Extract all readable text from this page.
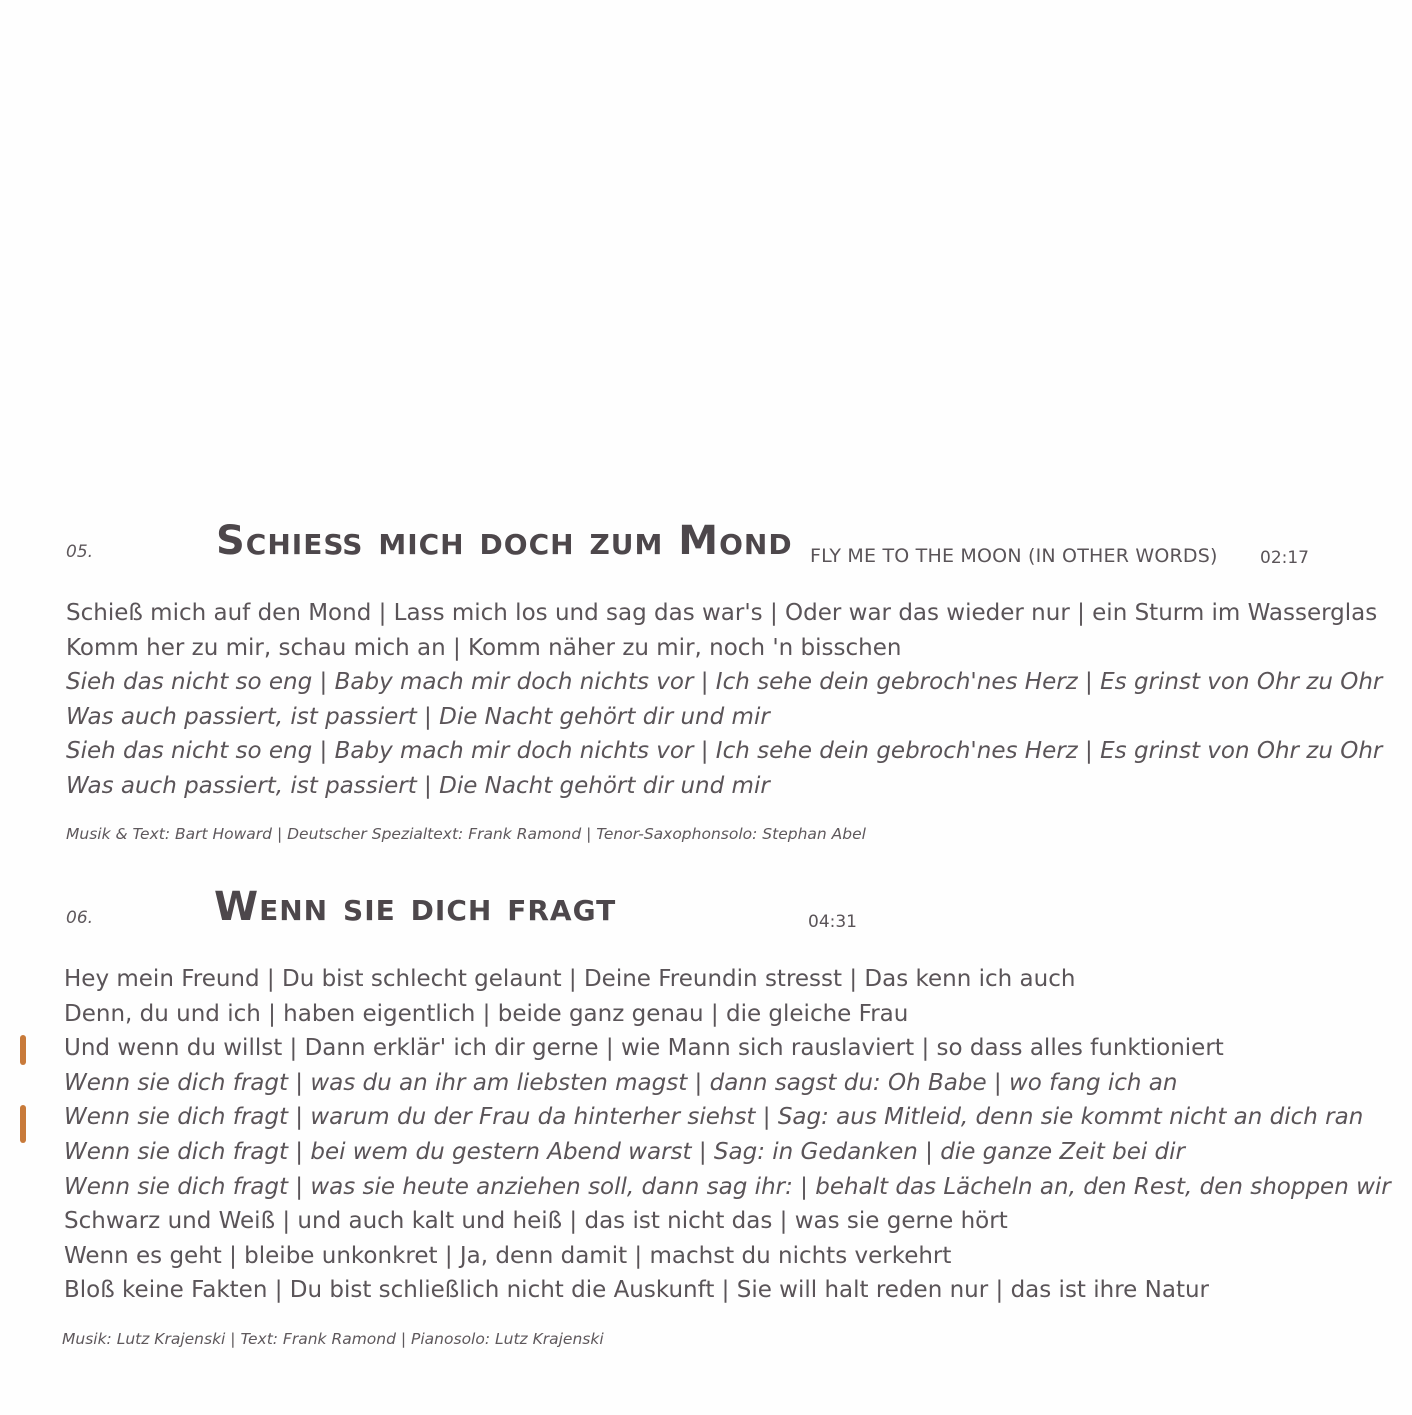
05.	Schieß mich doch zum Mond FLY ME TO THE MOON (IN OTHER WORDS) 02:17
Schieß mich auf den Mond | Lass mich los und sag das war's | Oder war das wieder nur | ein Sturm im Wasserglas
Komm her zu mir, schau mich an | Komm näher zu mir, noch 'n bisschen
Sieh das nicht so eng | Baby mach mir doch nichts vor | Ich sehe dein gebroch'nes Herz | Es grinst von Ohr zu Ohr
Was auch passiert, ist passiert | Die Nacht gehört dir und mir
Sieh das nicht so eng | Baby mach mir doch nichts vor | Ich sehe dein gebroch'nes Herz | Es grinst von Ohr zu Ohr
Was auch passiert, ist passiert | Die Nacht gehört dir und mir
Musik & Text: Bart Howard | Deutscher Spezialtext: Frank Ramond | Tenor-Saxophonsolo: Stephan Abel
06.	Wenn sie dich fragt	04:31
Hey mein Freund | Du bist schlecht gelaunt | Deine Freundin stresst | Das kenn ich auch
Denn, du und ich | haben eigentlich | beide ganz genau | die gleiche Frau
Und wenn du willst | Dann erklär' ich dir gerne | wie Mann sich rauslaviert | so dass alles funktioniert
Wenn sie dich fragt | was du an ihr am liebsten magst | dann sagst du: Oh Babe | wo fang ich an
Wenn sie dich fragt | warum du der Frau da hinterher siehst | Sag: aus Mitleid, denn sie kommt nicht an dich ran
Wenn sie dich fragt | bei wem du gestern Abend warst | Sag: in Gedanken | die ganze Zeit bei dir
Wenn sie dich fragt | was sie heute anziehen soll, dann sag ihr: | behalt das Lächeln an, den Rest, den shoppen wir
Schwarz und Weiß | und auch kalt und heiß | das ist nicht das | was sie gerne hört
Wenn es geht | bleibe unkonkret | Ja, denn damit | machst du nichts verkehrt
Bloß keine Fakten | Du bist schließlich nicht die Auskunft | Sie will halt reden nur | das ist ihre Natur
Musik: Lutz Krajenski | Text: Frank Ramond | Pianosolo: Lutz Krajenski
